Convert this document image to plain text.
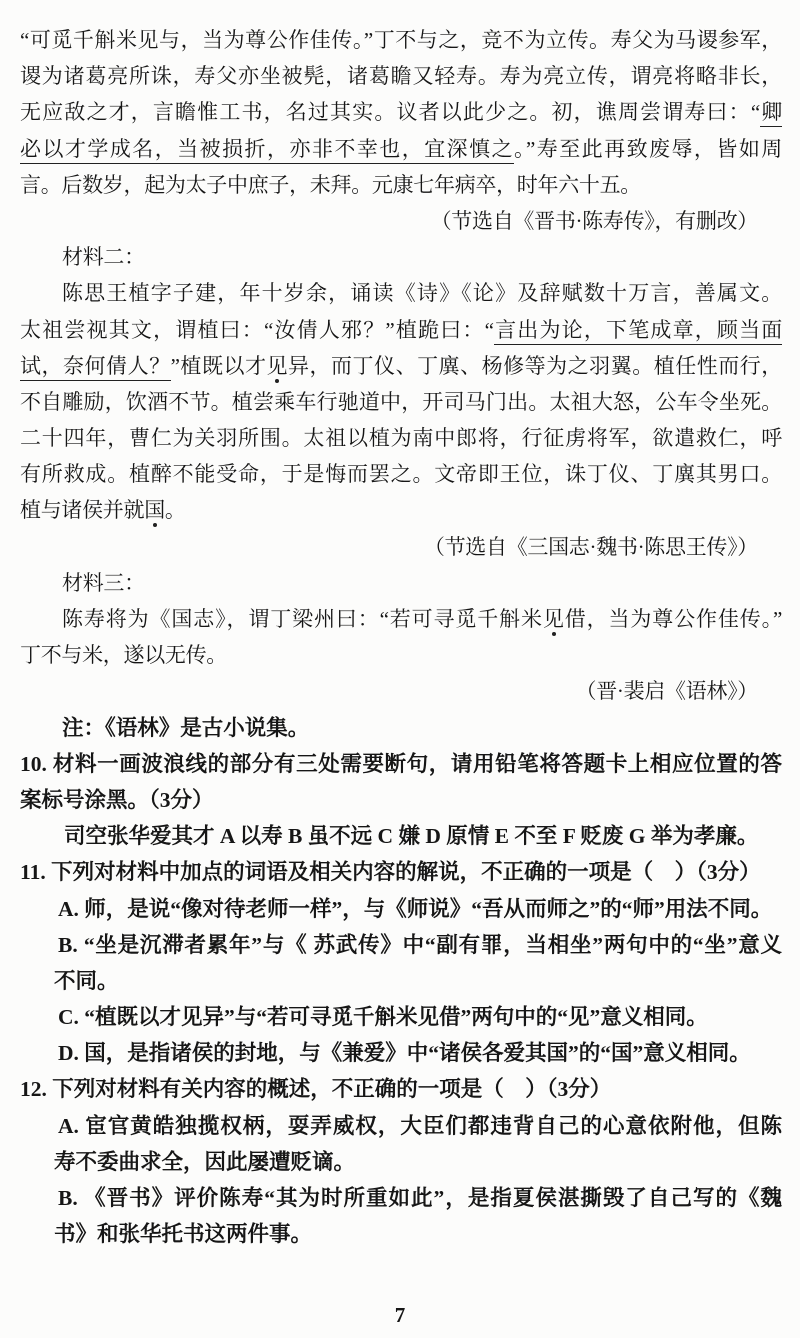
“可觅千斛米见与，当为尊公作佳传。”丁不与之，竞不为立传。寿父为马谡参军，
谡为诸葛亮所诛，寿父亦坐被髡，诸葛瞻又轻寿。寿为亮立传，谓亮将略非长，
无应敌之才，言瞻惟工书，名过其实。议者以此少之。初，谯周尝谓寿曰：“卿
必以才学成名，当被损折，亦非不幸也，宜深慎之。”寿至此再致废辱，皆如周
言。后数岁，起为太子中庶子，未拜。元康七年病卒，时年六十五。
（节选自《晋书·陈寿传》，有删改）
材料二：
陈思王植字子建，年十岁余，诵读《诗》《论》及辞赋数十万言，善属文。
太祖尝视其文，谓植曰：“汝倩人邪？”植跪曰：“言出为论，下笔成章，顾当面
试，奈何倩人？”植既以才见异，而丁仪、丁廙、杨修等为之羽翼。植任性而行，
不自雕励，饮酒不节。植尝乘车行驰道中，开司马门出。太祖大怒，公车令坐死。
二十四年，曹仁为关羽所围。太祖以植为南中郎将，行征虏将军，欲遣救仁，呼
有所救成。植醉不能受命，于是悔而罢之。文帝即王位，诛丁仪、丁廙其男口。
植与诸侯并就国。
（节选自《三国志·魏书·陈思王传》）
材料三：
陈寿将为《国志》，谓丁梁州曰：“若可寻觅千斛米见借，当为尊公作佳传。”
丁不与米，遂以无传。
（晋·裴启《语林》）
注：《语林》是古小说集。
10. 材料一画波浪线的部分有三处需要断句，请用铅笔将答题卡上相应位置的答
案标号涂黑。（3分）
司空张华爱其才 A 以寿 B 虽不远 C 嫌 D 原情 E 不至 F 贬废 G 举为孝廉。
11. 下列对材料中加点的词语及相关内容的解说，不正确的一项是（　）（3分）
A. 师，是说“像对待老师一样”，与《师说》“吾从而师之”的“师”用法不同。
B. “坐是沉滞者累年”与《 苏武传》中“副有罪，当相坐”两句中的“坐”意义
不同。
C. “植既以才见异”与“若可寻觅千斛米见借”两句中的“见”意义相同。
D. 国，是指诸侯的封地，与《兼爱》中“诸侯各爱其国”的“国”意义相同。
12. 下列对材料有关内容的概述，不正确的一项是（　）（3分）
A. 宦官黄皓独揽权柄，耍弄威权，大臣们都违背自己的心意依附他，但陈
寿不委曲求全，因此屡遭贬谪。
B. 《晋书》评价陈寿“其为时所重如此”，是指夏侯湛撕毁了自己写的《魏
书》和张华托书这两件事。
7
